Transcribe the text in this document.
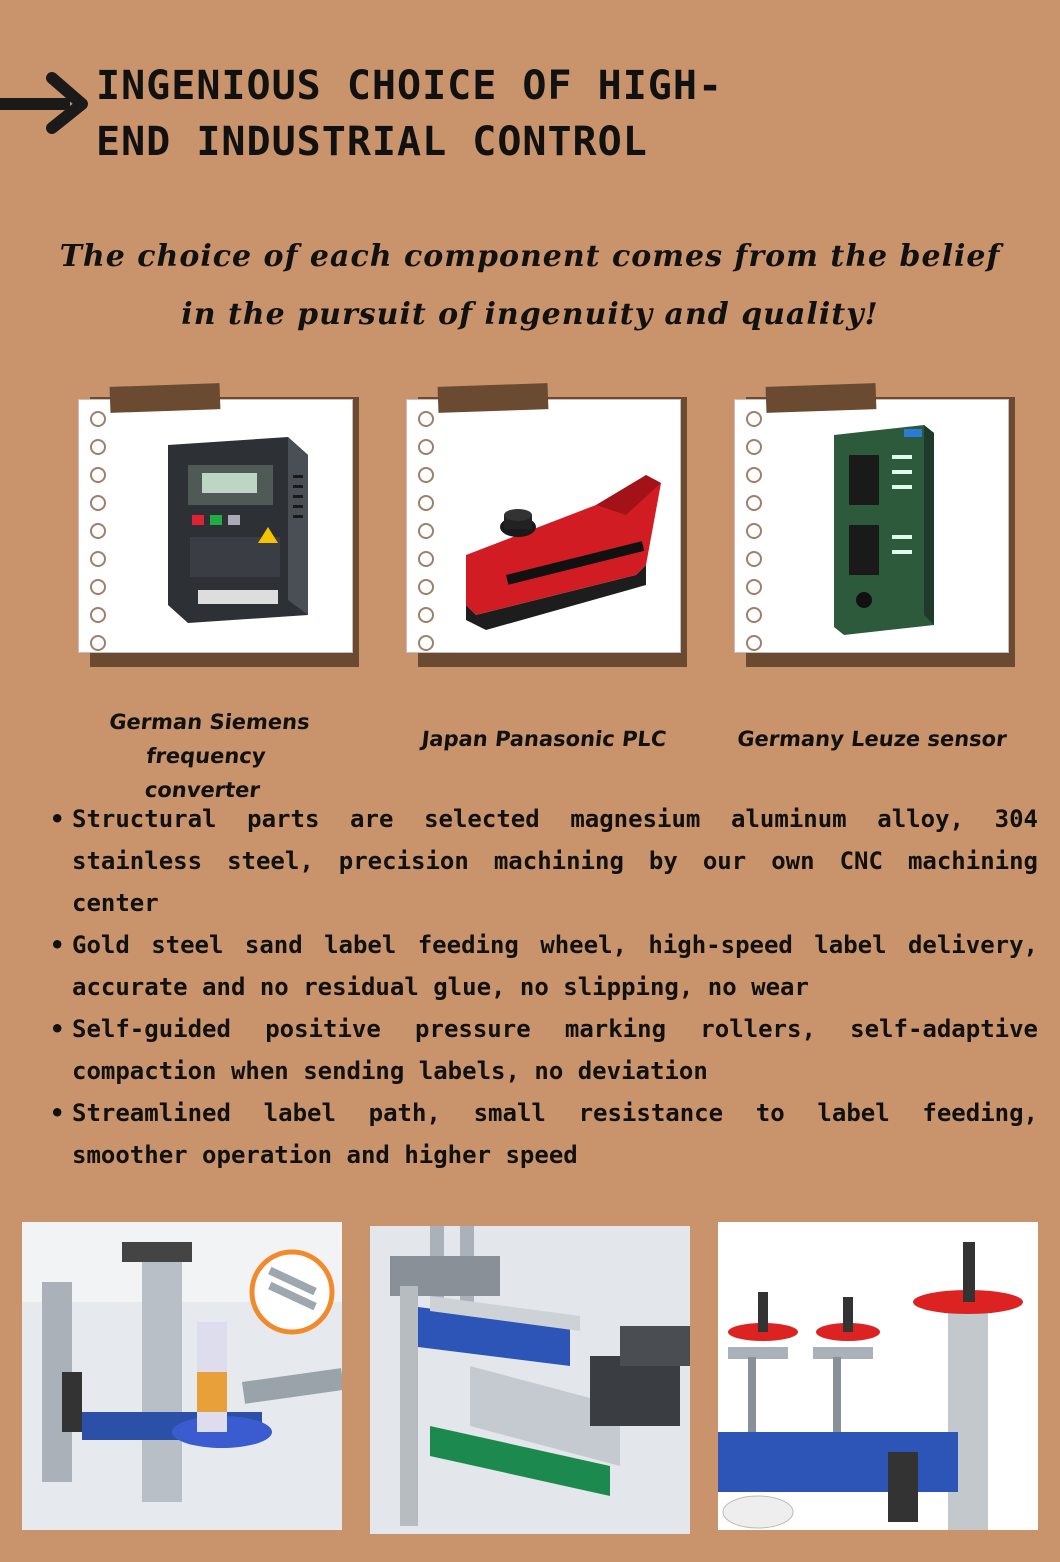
INGENIOUS CHOICE OF HIGH-
END INDUSTRIAL CONTROL

The choice of each component comes from the belief
in the pursuit of ingenuity and quality!

German Siemens frequency
converter
Japan Panasonic PLC	Germany Leuze sensor
• Structural parts are selected magnesium aluminum alloy, 304 stainless steel, precision machining by our own CNC machining center
• Gold steel sand label feeding wheel, high-speed label delivery, accurate and no residual glue, no slipping, no wear
• Self-guided positive pressure marking rollers, self-adaptive compaction when sending labels, no deviation
• Streamlined label path, small resistance to label feeding, smoother operation and higher speed
